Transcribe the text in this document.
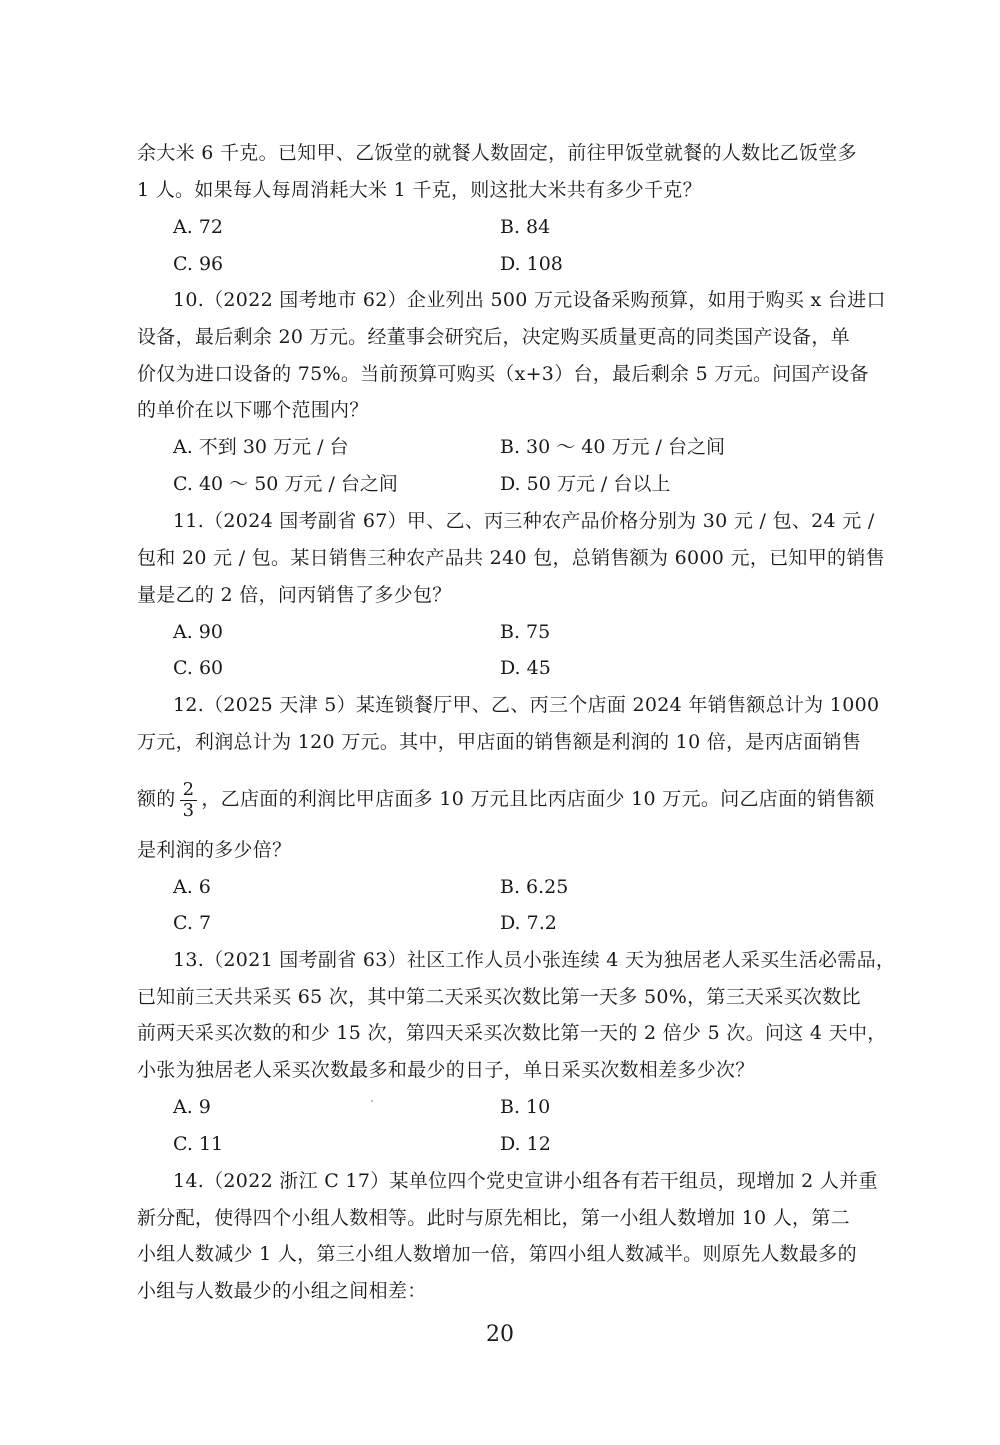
余大米 6 千克。已知甲、乙饭堂的就餐人数固定，前往甲饭堂就餐的人数比乙饭堂多
1 人。如果每人每周消耗大米 1 千克，则这批大米共有多少千克？
A. 72	B. 84
C. 96	D. 108
10.（2022 国考地市 62）企业列出 500 万元设备采购预算，如用于购买 x 台进口
设备，最后剩余 20 万元。经董事会研究后，决定购买质量更高的同类国产设备，单
价仅为进口设备的 75%。当前预算可购买（x+3）台，最后剩余 5 万元。问国产设备
的单价在以下哪个范围内？
A. 不到 30 万元 / 台	B. 30 ～ 40 万元 / 台之间
C. 40 ～ 50 万元 / 台之间	D. 50 万元 / 台以上
11.（2024 国考副省 67）甲、乙、丙三种农产品价格分别为 30 元 / 包、24 元 /
包和 20 元 / 包。某日销售三种农产品共 240 包，总销售额为 6000 元，已知甲的销售
量是乙的 2 倍，问丙销售了多少包？
A. 90	B. 75
C. 60	D. 45
12.（2025 天津 5）某连锁餐厅甲、乙、丙三个店面 2024 年销售额总计为 1000
万元，利润总计为 120 万元。其中，甲店面的销售额是利润的 10 倍，是丙店面销售
额的 $\frac{2}{3}$ ，乙店面的利润比甲店面多 10 万元且比丙店面少 10 万元。问乙店面的销售额
是利润的多少倍？
A. 6	B. 6.25
C. 7	D. 7.2
13.（2021 国考副省 63）社区工作人员小张连续 4 天为独居老人采买生活必需品，
已知前三天共采买 65 次，其中第二天采买次数比第一天多 50%，第三天采买次数比
前两天采买次数的和少 15 次，第四天采买次数比第一天的 2 倍少 5 次。问这 4 天中，
小张为独居老人采买次数最多和最少的日子，单日采买次数相差多少次？
A. 9	B. 10
C. 11	D. 12
14.（2022 浙江 C 17）某单位四个党史宣讲小组各有若干组员，现增加 2 人并重
新分配，使得四个小组人数相等。此时与原先相比，第一小组人数增加 10 人，第二
小组人数减少 1 人，第三小组人数增加一倍，第四小组人数减半。则原先人数最多的
小组与人数最少的小组之间相差：
20
